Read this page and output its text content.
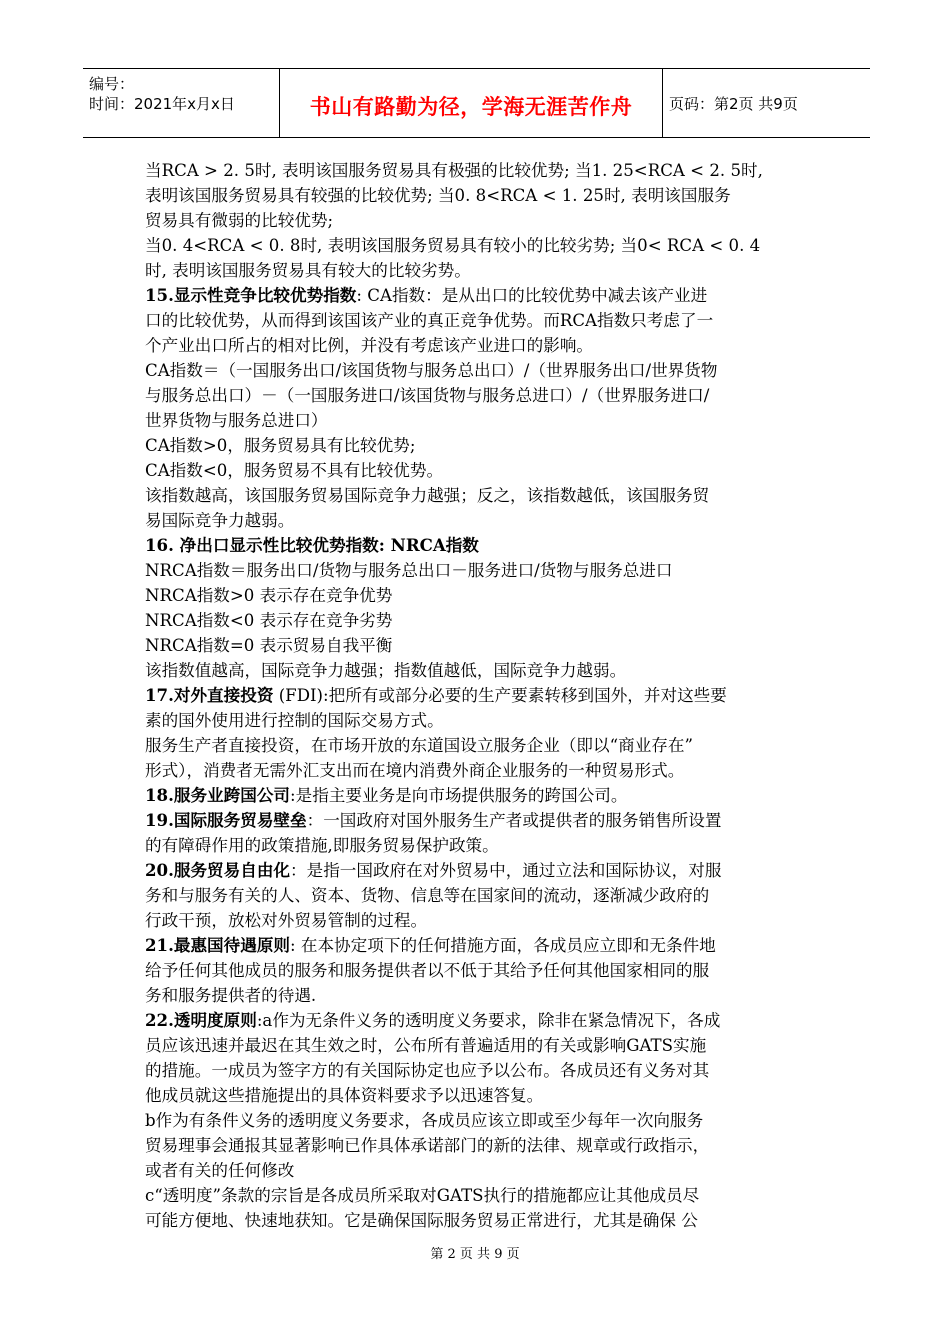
编号：
时间：2021年x月x日	书山有路勤为径，学海无涯苦作舟	页码：第2页 共9页

当RCA > 2. 5时, 表明该国服务贸易具有极强的比较优势; 当1. 25<RCA < 2. 5时,

表明该国服务贸易具有较强的比较优势; 当0. 8<RCA < 1. 25时, 表明该国服务

贸易具有微弱的比较优势;

当0. 4<RCA < 0. 8时, 表明该国服务贸易具有较小的比较劣势; 当0< RCA < 0. 4

时, 表明该国服务贸易具有较大的比较劣势。

15.显示性竞争比较优势指数: CA指数：是从出口的比较优势中减去该产业进

口的比较优势，从而得到该国该产业的真正竞争优势。而RCA指数只考虑了一

个产业出口所占的相对比例，并没有考虑该产业进口的影响。

CA指数＝（一国服务出口/该国货物与服务总出口）/（世界服务出口/世界货物

与服务总出口）－（一国服务进口/该国货物与服务总进口）/（世界服务进口/

世界货物与服务总进口）

CA指数>0，服务贸易具有比较优势;

CA指数<0，服务贸易不具有比较优势。

该指数越高，该国服务贸易国际竞争力越强；反之，该指数越低，该国服务贸

易国际竞争力越弱。

16. 净出口显示性比较优势指数: NRCA指数

NRCA指数＝服务出口/货物与服务总出口－服务进口/货物与服务总进口

NRCA指数>0 表示存在竞争优势

NRCA指数<0 表示存在竞争劣势

NRCA指数=0 表示贸易自我平衡

该指数值越高，国际竞争力越强；指数值越低，国际竞争力越弱。

17.对外直接投资 (FDI):把所有或部分必要的生产要素转移到国外，并对这些要

素的国外使用进行控制的国际交易方式。

服务生产者直接投资，在市场开放的东道国设立服务企业（即以“商业存在”

形式），消费者无需外汇支出而在境内消费外商企业服务的一种贸易形式。

18.服务业跨国公司:是指主要业务是向市场提供服务的跨国公司。

19.国际服务贸易壁垒：一国政府对国外服务生产者或提供者的服务销售所设置

的有障碍作用的政策措施,即服务贸易保护政策。

20.服务贸易自由化：是指一国政府在对外贸易中，通过立法和国际协议，对服

务和与服务有关的人、资本、货物、信息等在国家间的流动，逐渐减少政府的

行政干预，放松对外贸易管制的过程。

21.最惠国待遇原则: 在本协定项下的任何措施方面，各成员应立即和无条件地

给予任何其他成员的服务和服务提供者以不低于其给予任何其他国家相同的服

务和服务提供者的待遇.

22.透明度原则:a作为无条件义务的透明度义务要求，除非在紧急情况下，各成

员应该迅速并最迟在其生效之时，公布所有普遍适用的有关或影响GATS实施

的措施。一成员为签字方的有关国际协定也应予以公布。各成员还有义务对其

他成员就这些措施提出的具体资料要求予以迅速答复。

b作为有条件义务的透明度义务要求，各成员应该立即或至少每年一次向服务

贸易理事会通报其显著影响已作具体承诺部门的新的法律、规章或行政指示，

或者有关的任何修改

c“透明度”条款的宗旨是各成员所采取对GATS执行的措施都应让其他成员尽

可能方便地、快速地获知。它是确保国际服务贸易正常进行，尤其是确保 公

第 2 页 共 9 页
